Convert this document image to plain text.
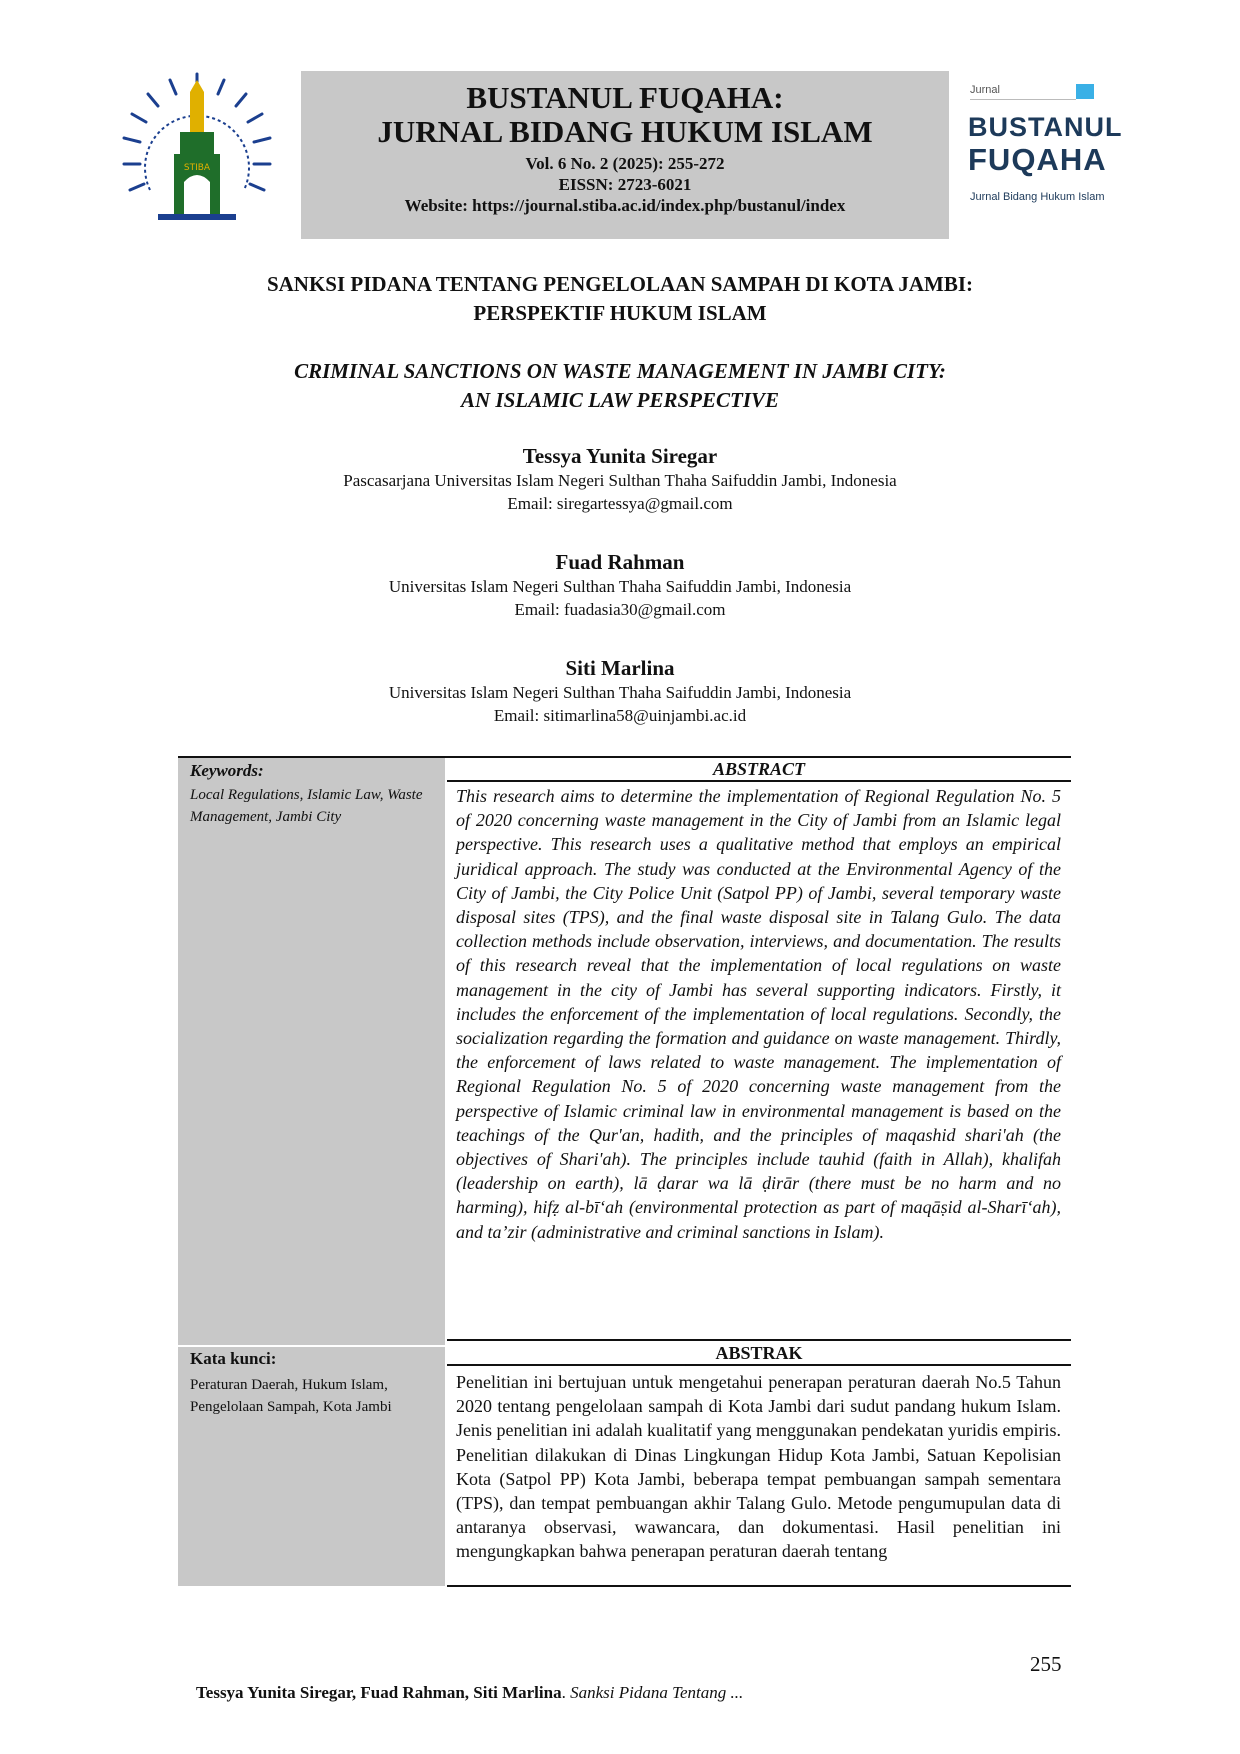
STIBA
BUSTANUL FUQAHA:
JURNAL BIDANG HUKUM ISLAM
Vol. 6 No. 2 (2025): 255-272
EISSN: 2723-6021
Website: https://journal.stiba.ac.id/index.php/bustanul/index
Jurnal
BUSTANUL
FUQAHA
Jurnal Bidang Hukum Islam
SANKSI PIDANA TENTANG PENGELOLAAN SAMPAH DI KOTA JAMBI:
PERSPEKTIF HUKUM ISLAM
CRIMINAL SANCTIONS ON WASTE MANAGEMENT IN JAMBI CITY:
AN ISLAMIC LAW PERSPECTIVE
Tessya Yunita Siregar
Pascasarjana Universitas Islam Negeri Sulthan Thaha Saifuddin Jambi, Indonesia
Email: siregartessya@gmail.com
Fuad Rahman
Universitas Islam Negeri Sulthan Thaha Saifuddin Jambi, Indonesia
Email: fuadasia30@gmail.com
Siti Marlina
Universitas Islam Negeri Sulthan Thaha Saifuddin Jambi, Indonesia
Email: sitimarlina58@uinjambi.ac.id
Keywords:
Local Regulations, Islamic Law, Waste Management, Jambi City
ABSTRACT
This research aims to determine the implementation of Regional Regulation No. 5 of 2020 concerning waste management in the City of Jambi from an Islamic legal perspective. This research uses a qualitative method that employs an empirical juridical approach. The study was conducted at the Environmental Agency of the City of Jambi, the City Police Unit (Satpol PP) of Jambi, several temporary waste disposal sites (TPS), and the final waste disposal site in Talang Gulo. The data collection methods include observation, interviews, and documentation. The results of this research reveal that the implementation of local regulations on waste management in the city of Jambi has several supporting indicators. Firstly, it includes the enforcement of the implementation of local regulations. Secondly, the socialization regarding the formation and guidance on waste management. Thirdly, the enforcement of laws related to waste management. The implementation of Regional Regulation No. 5 of 2020 concerning waste management from the perspective of Islamic criminal law in environmental management is based on the teachings of the Qur'an, hadith, and the principles of maqashid shari'ah (the objectives of Shari'ah). The principles include tauhid (faith in Allah), khalifah (leadership on earth), lā ḍarar wa lā ḍirār (there must be no harm and no harming), hifẓ al-bīʻah (environmental protection as part of maqāṣid al-Sharīʻah), and ta’zir (administrative and criminal sanctions in Islam).
Kata kunci:
Peraturan Daerah, Hukum Islam, Pengelolaan Sampah, Kota Jambi
ABSTRAK
Penelitian ini bertujuan untuk mengetahui penerapan peraturan daerah No.5 Tahun 2020 tentang pengelolaan sampah di Kota Jambi dari sudut pandang hukum Islam. Jenis penelitian ini adalah kualitatif yang menggunakan pendekatan yuridis empiris. Penelitian dilakukan di Dinas Lingkungan Hidup Kota Jambi, Satuan Kepolisian Kota (Satpol PP) Kota Jambi, beberapa tempat pembuangan sampah sementara (TPS), dan tempat pembuangan akhir Talang Gulo. Metode pengumupulan data di antaranya observasi, wawancara, dan dokumentasi. Hasil penelitian ini mengungkapkan bahwa penerapan peraturan daerah tentang
255
Tessya Yunita Siregar, Fuad Rahman, Siti Marlina. Sanksi Pidana Tentang ...
